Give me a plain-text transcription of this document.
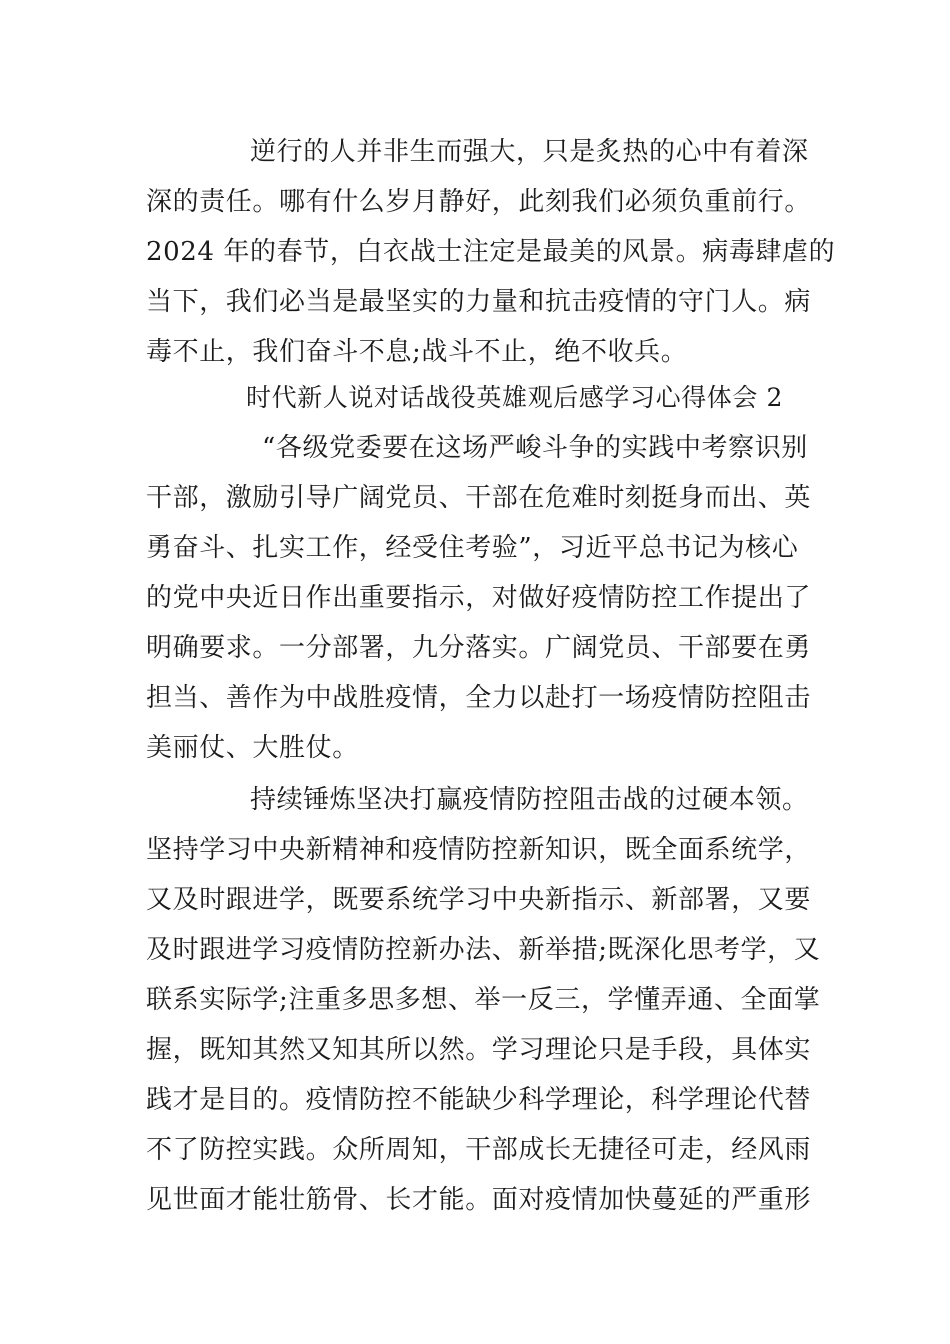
逆行的人并非生而强大，只是炙热的心中有着深
深的责任。哪有什么岁月静好，此刻我们必须负重前行。
2024 年的春节，白衣战士注定是最美的风景。病毒肆虐的
当下，我们必当是最坚实的力量和抗击疫情的守门人。病
毒不止，我们奋斗不息;战斗不止，绝不收兵。
时代新人说对话战役英雄观后感学习心得体会 2
“各级党委要在这场严峻斗争的实践中考察识别
干部，激励引导广阔党员、干部在危难时刻挺身而出、英
勇奋斗、扎实工作，经受住考验”，习近平总书记为核心
的党中央近日作出重要指示，对做好疫情防控工作提出了
明确要求。一分部署，九分落实。广阔党员、干部要在勇
担当、善作为中战胜疫情，全力以赴打一场疫情防控阻击
美丽仗、大胜仗。
持续锤炼坚决打赢疫情防控阻击战的过硬本领。
坚持学习中央新精神和疫情防控新知识，既全面系统学，
又及时跟进学，既要系统学习中央新指示、新部署，又要
及时跟进学习疫情防控新办法、新举措;既深化思考学，又
联系实际学;注重多思多想、举一反三，学懂弄通、全面掌
握，既知其然又知其所以然。学习理论只是手段，具体实
践才是目的。疫情防控不能缺少科学理论，科学理论代替
不了防控实践。众所周知，干部成长无捷径可走，经风雨
见世面才能壮筋骨、长才能。面对疫情加快蔓延的严重形
